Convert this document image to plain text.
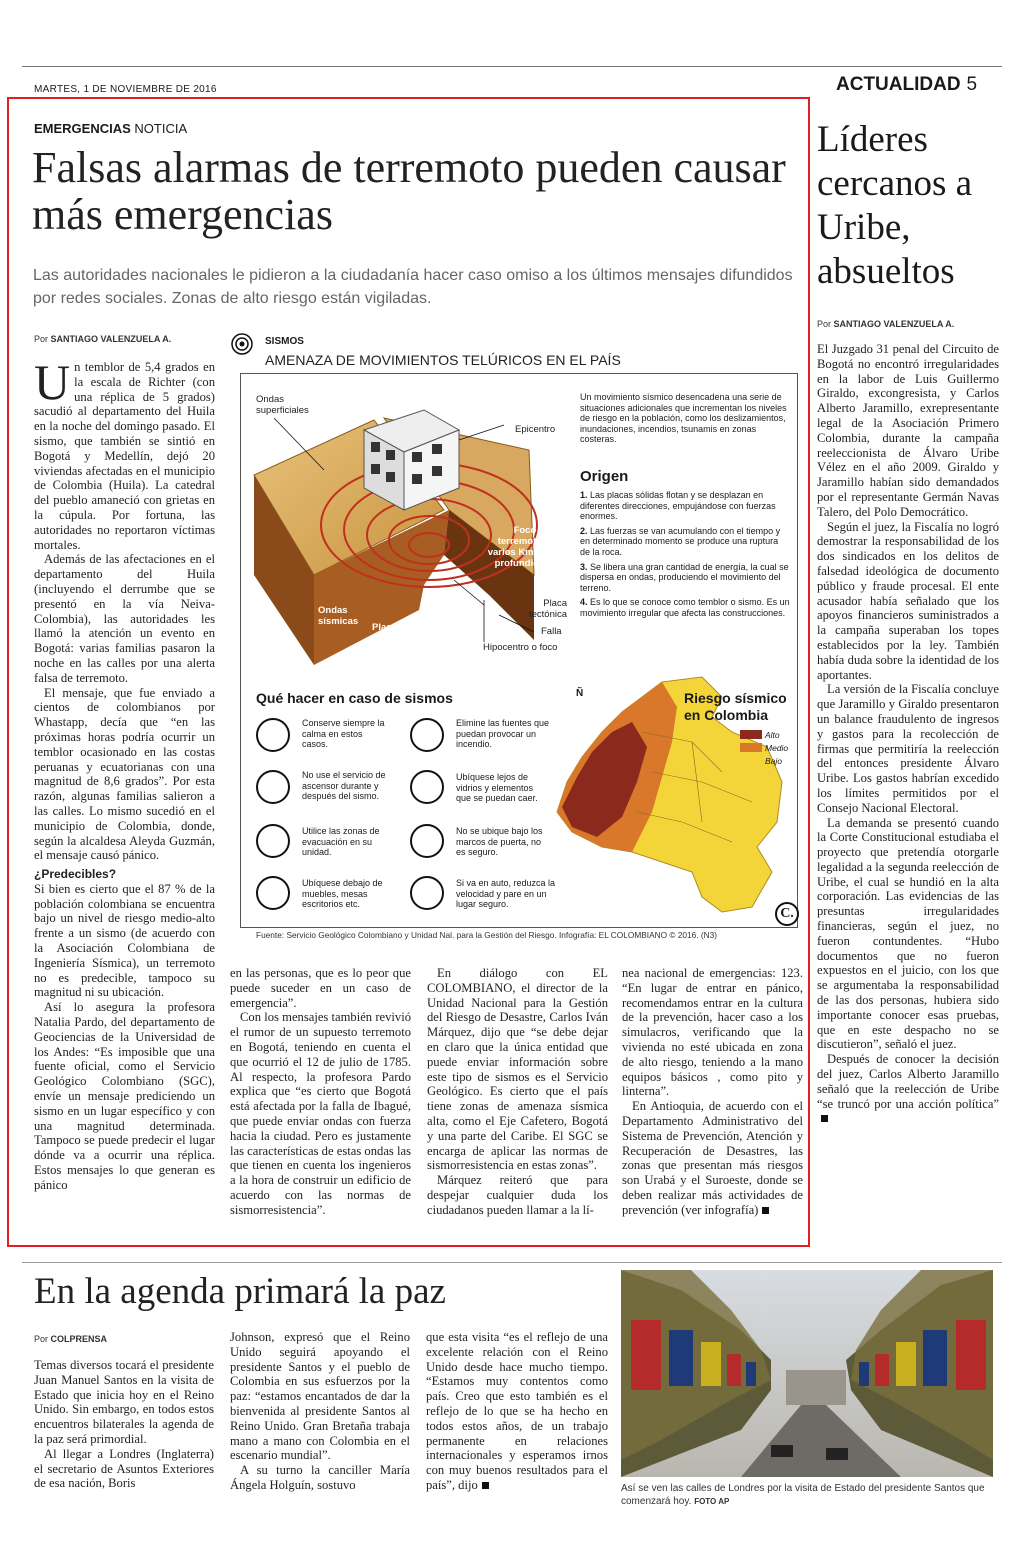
MARTES, 1 DE NOVIEMBRE DE 2016	ACTUALIDAD 5
EMERGENCIAS NOTICIA
Falsas alarmas de terremoto pueden causar más emergencias
Las autoridades nacionales le pidieron a la ciudadanía hacer caso omiso a los últimos mensajes difundidos por redes sociales. Zonas de alto riesgo están vigiladas.
Por SANTIAGO VALENZUELA A.

Un temblor de 5,4 grados en la escala de Richter (con una réplica de 5 grados) sacudió al departamento del Huila en la noche del domingo pasado. El sismo, que también se sintió en Bogotá y Medellín, dejó 20 viviendas afectadas en el municipio de Colombia (Huila). La catedral del pueblo amaneció con grietas en la cúpula. Por fortuna, las autoridades no reportaron víctimas mortales.

Además de las afectaciones en el departamento del Huila (incluyendo el derrumbe que se presentó en la vía Neiva-Colombia), las autoridades les llamó la atención un evento en Bogotá: varias familias pasaron la noche en las calles por una alerta falsa de terremoto.

El mensaje, que fue enviado a cientos de colombianos por Whastapp, decía que “en las próximas horas podría ocurrir un temblor ocasionado en las costas peruanas y ecuatorianas con una magnitud de 8,6 grados”. Por esta razón, algunas familias salieron a las calles. Lo mismo sucedió en el municipio de Colombia, donde, según la alcaldesa Aleyda Guzmán, el mensaje causó pánico.

¿Predecibles?

Si bien es cierto que el 87 % de la población colombiana se encuentra bajo un nivel de riesgo medio-alto frente a un sismo (de acuerdo con la Asociación Colombiana de Ingeniería Sísmica), un terremoto no es predecible, tampoco su magnitud ni su ubicación.

Así lo asegura la profesora Natalia Pardo, del departamento de Geociencias de la Universidad de los Andes: “Es imposible que una fuente oficial, como el Servicio Geológico Colombiano (SGC), envíe un mensaje prediciendo un sismo en un lugar específico y con una magnitud determinada. Tampoco se puede predecir el lugar dónde va a ocurrir una réplica. Estos mensajes lo que generan es pánico

en las personas, que es lo peor que puede suceder en un caso de emergencia”.

Con los mensajes también revivió el rumor de un supuesto terremoto en Bogotá, teniendo en cuenta el que ocurrió el 12 de julio de 1785. Al respecto, la profesora Pardo explica que “es cierto que Bogotá está afectada por la falla de Ibagué, que puede enviar ondas con fuerza hacia la ciudad. Pero es justamente las características de estas ondas las que tienen en cuenta los ingenieros a la hora de construir un edificio de acuerdo con las normas de sismorresistencia”.

En diálogo con EL COLOMBIANO, el director de la Unidad Nacional para la Gestión del Riesgo de Desastre, Carlos Iván Márquez, dijo que “se debe dejar en claro que la única entidad que puede enviar información sobre este tipo de sismos es el Servicio Geológico. Es cierto que el país tiene zonas de amenaza sísmica alta, como el Eje Cafetero, Bogotá y una parte del Caribe. El SGC se encarga de aplicar las normas de sismorresistencia en estas zonas”.

Márquez reiteró que para despejar cualquier duda los ciudadanos pueden llamar a la lí-

nea nacional de emergencias: 123. “En lugar de entrar en pánico, recomendamos entrar en la cultura de la prevención, hacer caso a los simulacros, verificando que la vivienda no esté ubicada en zona de alto riesgo, teniendo a la mano equipos básicos , como pito y linterna”.

En Antioquia, de acuerdo con el Departamento Administrativo del Sistema de Prevención, Atención y Recuperación de Desastres, las zonas que presentan más riesgos son Urabá y el Suroeste, donde se deben realizar más actividades de prevención (ver infografía)

SISMOS
AMENAZA DE MOVIMIENTOS TELÚRICOS EN EL PAÍS
Ondas superficiales
Epicentro
Foco de terremoto a varios Km. de profundidad
Ondas sísmicas
Placa tectónica
Placa tectónica
Falla
Hipocentro o foco
Un movimiento sísmico desencadena una serie de situaciones adicionales que incrementan los niveles de riesgo en la población, como los deslizamientos, inundaciones, incendios, tsunamis en zonas costeras.
Origen
1. Las placas sólidas flotan y se desplazan en diferentes direcciones, empujándose con fuerzas enormes.
2. Las fuerzas se van acumulando con el tiempo y en determinado momento se produce una ruptura de la roca.
3. Se libera una gran cantidad de energía, la cual se dispersa en ondas, produciendo el movimiento del terreno.
4. Es lo que se conoce como temblor o sismo. Es un movimiento irregular que afecta las construcciones.
Qué hacer en caso de sismos
Conserve siempre la calma en estos casos.
Elimine las fuentes que puedan provocar un incendio.
No use el servicio de ascensor durante y después del sismo.
Ubíquese lejos de vidrios y elementos que se puedan caer.
Utilice las zonas de evacuación en su unidad.
No se ubique bajo los marcos de puerta, no es seguro.
Ubíquese debajo de muebles, mesas escritorios etc.
Si va en auto, reduzca la velocidad y pare en un lugar seguro.
Ñ	Riesgo sísmico en Colombia
Alto
Medio
Bajo
C.
Fuente: Servicio Geológico Colombiano y Unidad Nal. para la Gestión del Riesgo. Infografía: EL COLOMBIANO © 2016. (N3)
Líderes cercanos a Uribe, absueltos
Por SANTIAGO VALENZUELA A.

El Juzgado 31 penal del Circuito de Bogotá no encontró irregularidades en la labor de Luis Guillermo Giraldo, excongresista, y Carlos Alberto Jaramillo, exrepresentante legal de la Asociación Primero Colombia, durante la campaña reeleccionista de Álvaro Uribe Vélez en el año 2009. Giraldo y Jaramillo habían sido demandados por el representante Germán Navas Talero, del Polo Democrático.

Según el juez, la Fiscalía no logró demostrar la responsabilidad de los dos sindicados en los delitos de falsedad ideológica de documento público y fraude procesal. El ente acusador había señalado que los apoyos financieros suministrados a la campaña superaban los topes establecidos por la ley. También había duda sobre la identidad de los aportantes.

La versión de la Fiscalía concluye que Jaramillo y Giraldo presentaron un balance fraudulento de ingresos y gastos para la recolección de firmas que permitiría la reelección del entonces presidente Álvaro Uribe. Los gastos habrían excedido los límites permitidos por el Consejo Nacional Electoral.

La demanda se presentó cuando la Corte Constitucional estudiaba el proyecto que pretendía otorgarle legalidad a la segunda reelección de Uribe, el cual se hundió en la alta corporación. Las evidencias de las presuntas irregularidades financieras, según el juez, no fueron contundentes. “Hubo documentos que no fueron expuestos en el juicio, con los que se argumentaba la responsabilidad de las dos personas, hubiera sido importante conocer esas pruebas, que en este despacho no se discutieron”, señaló el juez.

Después de conocer la decisión del juez, Carlos Alberto Jaramillo señaló que la reelección de Uribe “se truncó por una acción política”

En la agenda primará la paz
Por COLPRENSA

Temas diversos tocará el presidente Juan Manuel Santos en la visita de Estado que inicia hoy en el Reino Unido. Sin embargo, en todos estos encuentros bilaterales la agenda de la paz será primordial.

Al llegar a Londres (Inglaterra) el secretario de Asuntos Exteriores de esa nación, Boris

Johnson, expresó que el Reino Unido seguirá apoyando el presidente Santos y el pueblo de Colombia en sus esfuerzos por la paz: “estamos encantados de dar la bienvenida al presidente Santos al Reino Unido. Gran Bretaña trabaja mano a mano con Colombia en el escenario mundial”.

A su turno la canciller María Ángela Holguín, sostuvo

que esta visita “es el reflejo de una excelente relación con el Reino Unido desde hace mucho tiempo. “Estamos muy contentos como país. Creo que esto también es el reflejo de lo que se ha hecho en todos estos años, de un trabajo permanente en relaciones internacionales y esperamos irnos con muy buenos resultados para el país”, dijo	Así se ven las calles de Londres por la visita de Estado del presidente Santos que comenzará hoy. FOTO AP
